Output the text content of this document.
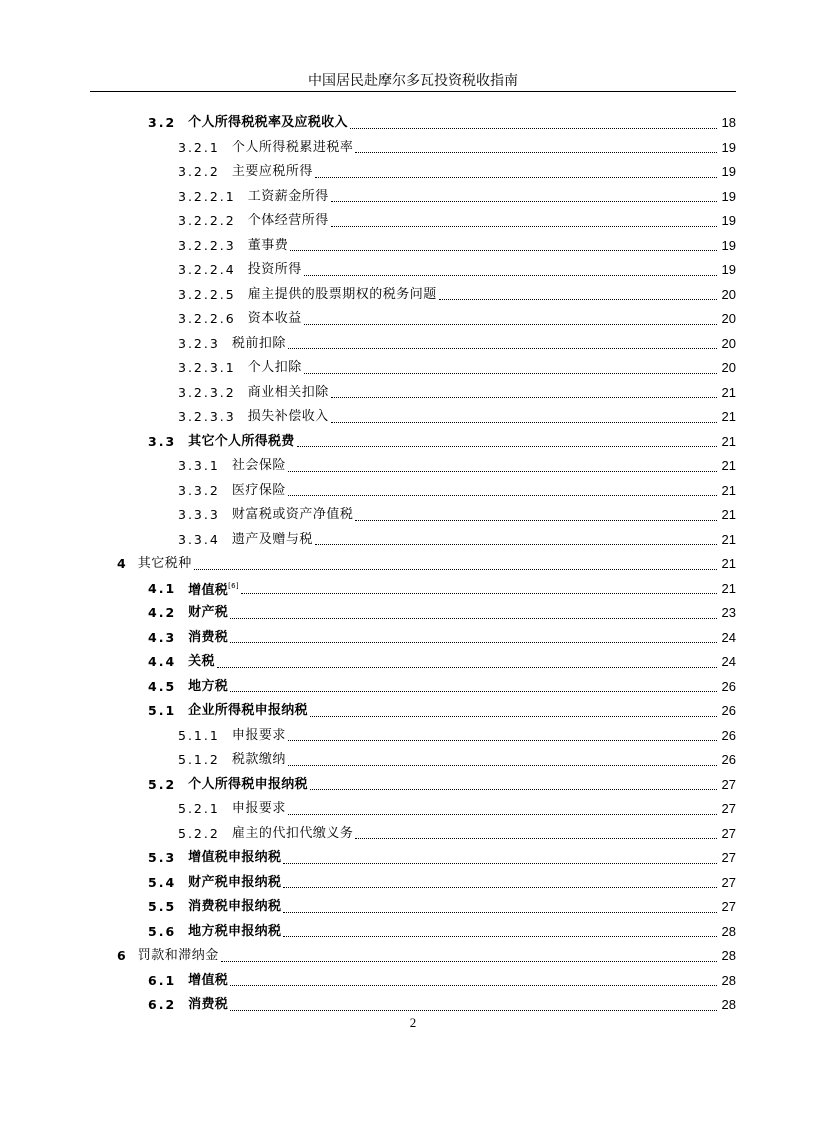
中国居民赴摩尔多瓦投资税收指南
3.2 个人所得税税率及应税收入	18
3.2.1 个人所得税累进税率	19
3.2.2 主要应税所得	19
3.2.2.1 工资薪金所得	19
3.2.2.2 个体经营所得	19
3.2.2.3 董事费	19
3.2.2.4 投资所得	19
3.2.2.5 雇主提供的股票期权的税务问题	20
3.2.2.6 资本收益	20
3.2.3 税前扣除	20
3.2.3.1 个人扣除	20
3.2.3.2 商业相关扣除	21
3.2.3.3 损失补偿收入	21
3.3 其它个人所得税费	21
3.3.1 社会保险	21
3.3.2 医疗保险	21
3.3.3 财富税或资产净值税	21
3.3.4 遗产及赠与税	21
4 其它税种	21
4.1 增值税[6]	21
4.2 财产税	23
4.3 消费税	24
4.4 关税	24
4.5 地方税	26
5.1 企业所得税申报纳税	26
5.1.1 申报要求	26
5.1.2 税款缴纳	26
5.2 个人所得税申报纳税	27
5.2.1 申报要求	27
5.2.2 雇主的代扣代缴义务	27
5.3 增值税申报纳税	27
5.4 财产税申报纳税	27
5.5 消费税申报纳税	27
5.6 地方税申报纳税	28
6 罚款和滞纳金	28
6.1 增值税	28
6.2 消费税	28
2
